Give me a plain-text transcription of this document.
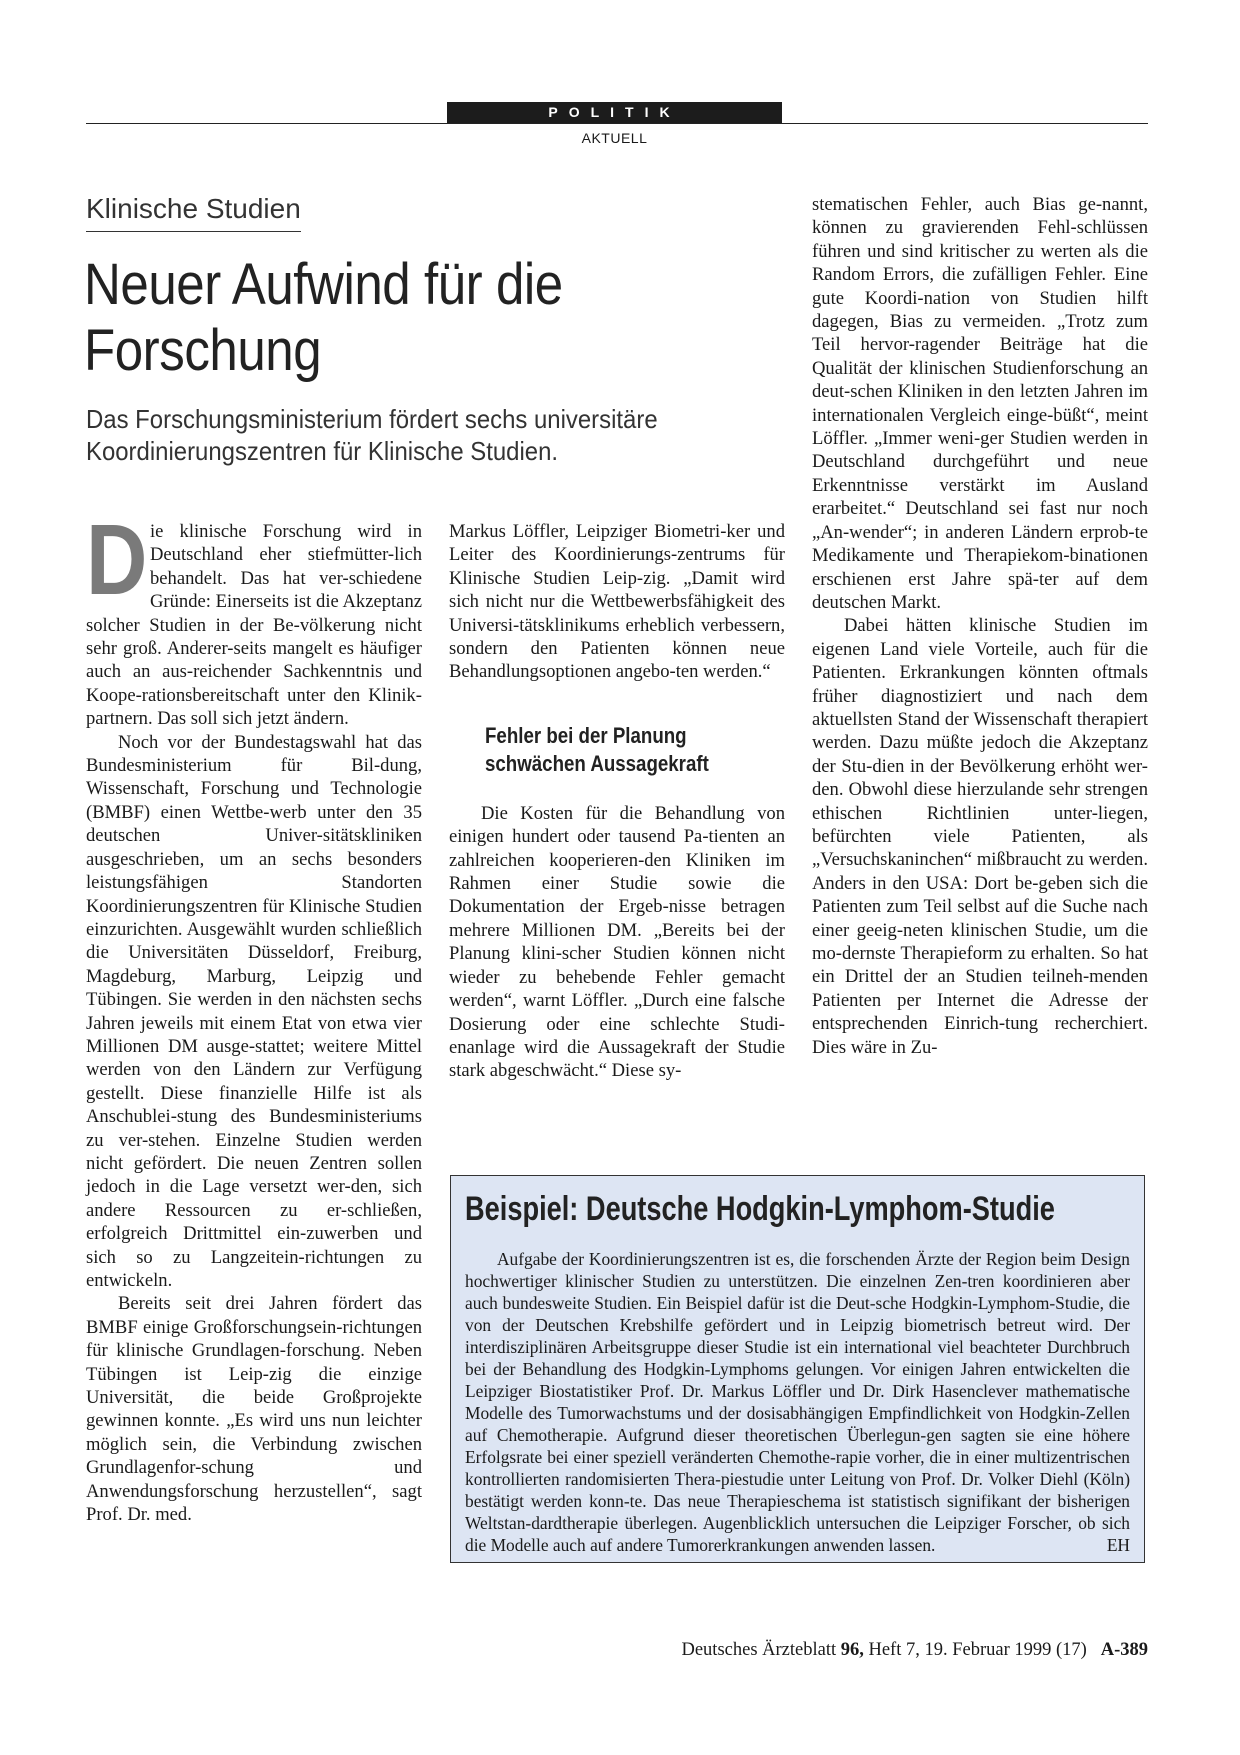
POLITIK
AKTUELL
Klinische Studien
Neuer Aufwind für die
Forschung
Das Forschungsministerium fördert sechs universitäre
Koordinierungszentren für Klinische Studien.

Die klinische Forschung wird in Deutschland eher stiefmütter-lich behandelt. Das hat ver-schiedene Gründe: Einerseits ist die Akzeptanz solcher Studien in der Be-völkerung nicht sehr groß. Anderer-seits mangelt es häufiger auch an aus-reichender Sachkenntnis und Koope-rationsbereitschaft unter den Klinik-partnern. Das soll sich jetzt ändern.

Noch vor der Bundestagswahl hat das Bundesministerium für Bil-dung, Wissenschaft, Forschung und Technologie (BMBF) einen Wettbe-werb unter den 35 deutschen Univer-sitätskliniken ausgeschrieben, um an sechs besonders leistungsfähigen Standorten Koordinierungszentren für Klinische Studien einzurichten. Ausgewählt wurden schließlich die Universitäten Düsseldorf, Freiburg, Magdeburg, Marburg, Leipzig und Tübingen. Sie werden in den nächsten sechs Jahren jeweils mit einem Etat von etwa vier Millionen DM ausge-stattet; weitere Mittel werden von den Ländern zur Verfügung gestellt. Diese finanzielle Hilfe ist als Anschublei-stung des Bundesministeriums zu ver-stehen. Einzelne Studien werden nicht gefördert. Die neuen Zentren sollen jedoch in die Lage versetzt wer-den, sich andere Ressourcen zu er-schließen, erfolgreich Drittmittel ein-zuwerben und sich so zu Langzeitein-richtungen zu entwickeln.

Bereits seit drei Jahren fördert das BMBF einige Großforschungsein-richtungen für klinische Grundlagen-forschung. Neben Tübingen ist Leip-zig die einzige Universität, die beide Großprojekte gewinnen konnte. „Es wird uns nun leichter möglich sein, die Verbindung zwischen Grundlagenfor-schung und Anwendungsforschung herzustellen“, sagt Prof. Dr. med.

Markus Löffler, Leipziger Biometri-ker und Leiter des Koordinierungs-zentrums für Klinische Studien Leip-zig. „Damit wird sich nicht nur die Wettbewerbsfähigkeit des Universi-tätsklinikums erheblich verbessern, sondern den Patienten können neue Behandlungsoptionen angebo-ten werden.“

Fehler bei der Planung
schwächen Aussagekraft

Die Kosten für die Behandlung von einigen hundert oder tausend Pa-tienten an zahlreichen kooperieren-den Kliniken im Rahmen einer Studie sowie die Dokumentation der Ergeb-nisse betragen mehrere Millionen DM. „Bereits bei der Planung klini-scher Studien können nicht wieder zu behebende Fehler gemacht werden“, warnt Löffler. „Durch eine falsche Dosierung oder eine schlechte Studi-enanlage wird die Aussagekraft der Studie stark abgeschwächt.“ Diese sy-

stematischen Fehler, auch Bias ge-nannt, können zu gravierenden Fehl-schlüssen führen und sind kritischer zu werten als die Random Errors, die zufälligen Fehler. Eine gute Koordi-nation von Studien hilft dagegen, Bias zu vermeiden. „Trotz zum Teil hervor-ragender Beiträge hat die Qualität der klinischen Studienforschung an deut-schen Kliniken in den letzten Jahren im internationalen Vergleich einge-büßt“, meint Löffler. „Immer weni-ger Studien werden in Deutschland durchgeführt und neue Erkenntnisse verstärkt im Ausland erarbeitet.“ Deutschland sei fast nur noch „An-wender“; in anderen Ländern erprob-te Medikamente und Therapiekom-binationen erschienen erst Jahre spä-ter auf dem deutschen Markt.

Dabei hätten klinische Studien im eigenen Land viele Vorteile, auch für die Patienten. Erkrankungen könnten oftmals früher diagnostiziert und nach dem aktuellsten Stand der Wissenschaft therapiert werden. Dazu müßte jedoch die Akzeptanz der Stu-dien in der Bevölkerung erhöht wer-den. Obwohl diese hierzulande sehr strengen ethischen Richtlinien unter-liegen, befürchten viele Patienten, als „Versuchskaninchen“ mißbraucht zu werden. Anders in den USA: Dort be-geben sich die Patienten zum Teil selbst auf die Suche nach einer geeig-neten klinischen Studie, um die mo-dernste Therapieform zu erhalten. So hat ein Drittel der an Studien teilneh-menden Patienten per Internet die Adresse der entsprechenden Einrich-tung recherchiert. Dies wäre in Zu-

Beispiel: Deutsche Hodgkin-Lymphom-Studie

Aufgabe der Koordinierungszentren ist es, die forschenden Ärzte der Region beim Design hochwertiger klinischer Studien zu unterstützen. Die einzelnen Zen-tren koordinieren aber auch bundesweite Studien. Ein Beispiel dafür ist die Deut-sche Hodgkin-Lymphom-Studie, die von der Deutschen Krebshilfe gefördert und in Leipzig biometrisch betreut wird. Der interdisziplinären Arbeitsgruppe dieser Studie ist ein international viel beachteter Durchbruch bei der Behandlung des Hodgkin-Lymphoms gelungen. Vor einigen Jahren entwickelten die Leipziger Biostatistiker Prof. Dr. Markus Löffler und Dr. Dirk Hasenclever mathematische Modelle des Tumorwachstums und der dosisabhängigen Empfindlichkeit von Hodgkin-Zellen auf Chemotherapie. Aufgrund dieser theoretischen Überlegun-gen sagten sie eine höhere Erfolgsrate bei einer speziell veränderten Chemothe-rapie vorher, die in einer multizentrischen kontrollierten randomisierten Thera-piestudie unter Leitung von Prof. Dr. Volker Diehl (Köln) bestätigt werden konn-te. Das neue Therapieschema ist statistisch signifikant der bisherigen Weltstan-dardtherapie überlegen. Augenblicklich untersuchen die Leipziger Forscher, ob sich die Modelle auch auf andere Tumorerkrankungen anwenden lassen.	EH

Deutsches Ärzteblatt 96, Heft 7, 19. Februar 1999 (17) A-389
